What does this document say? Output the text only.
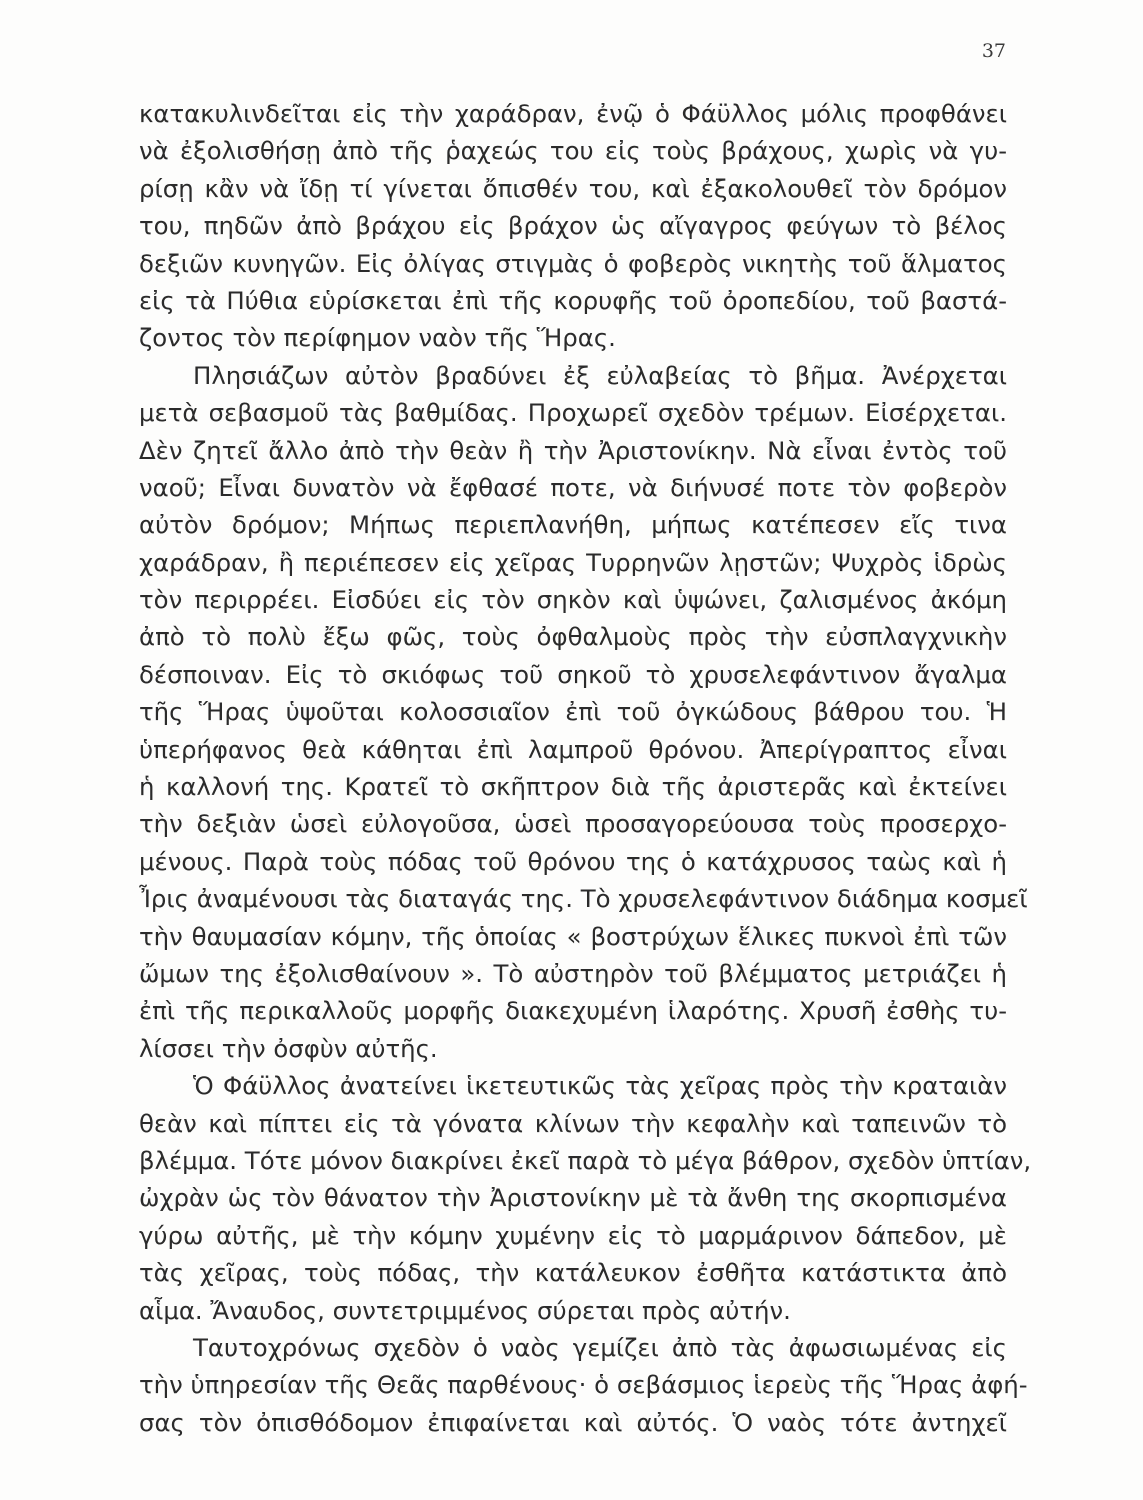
37

κατακυλινδεῖται εἰς τὴν χαράδραν, ἐνῷ ὁ Φάϋλλος μόλις προφθάνει
νὰ ἐξολισθήσῃ ἀπὸ τῆς ῥαχεώς του εἰς τοὺς βράχους, χωρὶς νὰ γυ-
ρίσῃ κἂν νὰ ἴδῃ τί γίνεται ὄπισθέν του, καὶ ἐξακολουθεῖ τὸν δρόμον
του, πηδῶν ἀπὸ βράχου εἰς βράχον ὡς αἴγαγρος φεύγων τὸ βέλος
δεξιῶν κυνηγῶν. Εἰς ὀλίγας στιγμὰς ὁ φοβερὸς νικητὴς τοῦ ἅλματος
εἰς τὰ Πύθια εὑρίσκεται ἐπὶ τῆς κορυφῆς τοῦ ὀροπεδίου, τοῦ βαστά-
ζοντος τὸν περίφημον ναὸν τῆς Ἥρας.
Πλησιάζων αὐτὸν βραδύνει ἐξ εὐλαβείας τὸ βῆμα. Ἀνέρχεται
μετὰ σεβασμοῦ τὰς βαθμίδας. Προχωρεῖ σχεδὸν τρέμων. Εἰσέρχεται.
Δὲν ζητεῖ ἄλλο ἀπὸ τὴν θεὰν ἢ τὴν Ἀριστονίκην. Νὰ εἶναι ἐντὸς τοῦ
ναοῦ; Εἶναι δυνατὸν νὰ ἔφθασέ ποτε, νὰ διήνυσέ ποτε τὸν φοβερὸν
αὐτὸν δρόμον; Μήπως περιεπλανήθη, μήπως κατέπεσεν εἴς τινα
χαράδραν, ἢ περιέπεσεν εἰς χεῖρας Τυρρηνῶν λῃστῶν; Ψυχρὸς ἱδρὼς
τὸν περιρρέει. Εἰσδύει εἰς τὸν σηκὸν καὶ ὑψώνει, ζαλισμένος ἀκόμη
ἀπὸ τὸ πολὺ ἔξω φῶς, τοὺς ὀφθαλμοὺς πρὸς τὴν εὐσπλαγχνικὴν
δέσποιναν. Εἰς τὸ σκιόφως τοῦ σηκοῦ τὸ χρυσελεφάντινον ἄγαλμα
τῆς Ἥρας ὑψοῦται κολοσσιαῖον ἐπὶ τοῦ ὀγκώδους βάθρου του. Ἡ
ὑπερήφανος θεὰ κάθηται ἐπὶ λαμπροῦ θρόνου. Ἀπερίγραπτος εἶναι
ἡ καλλονή της. Κρατεῖ τὸ σκῆπτρον διὰ τῆς ἀριστερᾶς καὶ ἐκτείνει
τὴν δεξιὰν ὡσεὶ εὐλογοῦσα, ὡσεὶ προσαγορεύουσα τοὺς προσερχο-
μένους. Παρὰ τοὺς πόδας τοῦ θρόνου της ὁ κατάχρυσος ταὼς καὶ ἡ
Ἶρις ἀναμένουσι τὰς διαταγάς της. Τὸ χρυσελεφάντινον διάδημα κοσμεῖ
τὴν θαυμασίαν κόμην, τῆς ὁποίας « βοστρύχων ἕλικες πυκνοὶ ἐπὶ τῶν
ὤμων της ἐξολισθαίνουν ». Τὸ αὐστηρὸν τοῦ βλέμματος μετριάζει ἡ
ἐπὶ τῆς περικαλλοῦς μορφῆς διακεχυμένη ἱλαρότης. Χρυσῆ ἐσθὴς τυ-
λίσσει τὴν ὀσφὺν αὐτῆς.
Ὁ Φάϋλλος ἀνατείνει ἱκετευτικῶς τὰς χεῖρας πρὸς τὴν κραταιὰν
θεὰν καὶ πίπτει εἰς τὰ γόνατα κλίνων τὴν κεφαλὴν καὶ ταπεινῶν τὸ
βλέμμα. Τότε μόνον διακρίνει ἐκεῖ παρὰ τὸ μέγα βάθρον, σχεδὸν ὑπτίαν,
ὠχρὰν ὡς τὸν θάνατον τὴν Ἀριστονίκην μὲ τὰ ἄνθη της σκορπισμένα
γύρω αὐτῆς, μὲ τὴν κόμην χυμένην εἰς τὸ μαρμάρινον δάπεδον, μὲ
τὰς χεῖρας, τοὺς πόδας, τὴν κατάλευκον ἐσθῆτα κατάστικτα ἀπὸ
αἷμα. Ἄναυδος, συντετριμμένος σύρεται πρὸς αὐτήν.
Ταυτοχρόνως σχεδὸν ὁ ναὸς γεμίζει ἀπὸ τὰς ἀφωσιωμένας εἰς
τὴν ὑπηρεσίαν τῆς Θεᾶς παρθένους· ὁ σεβάσμιος ἱερεὺς τῆς Ἥρας ἀφή-
σας τὸν ὀπισθόδομον ἐπιφαίνεται καὶ αὐτός. Ὁ ναὸς τότε ἀντηχεῖ
